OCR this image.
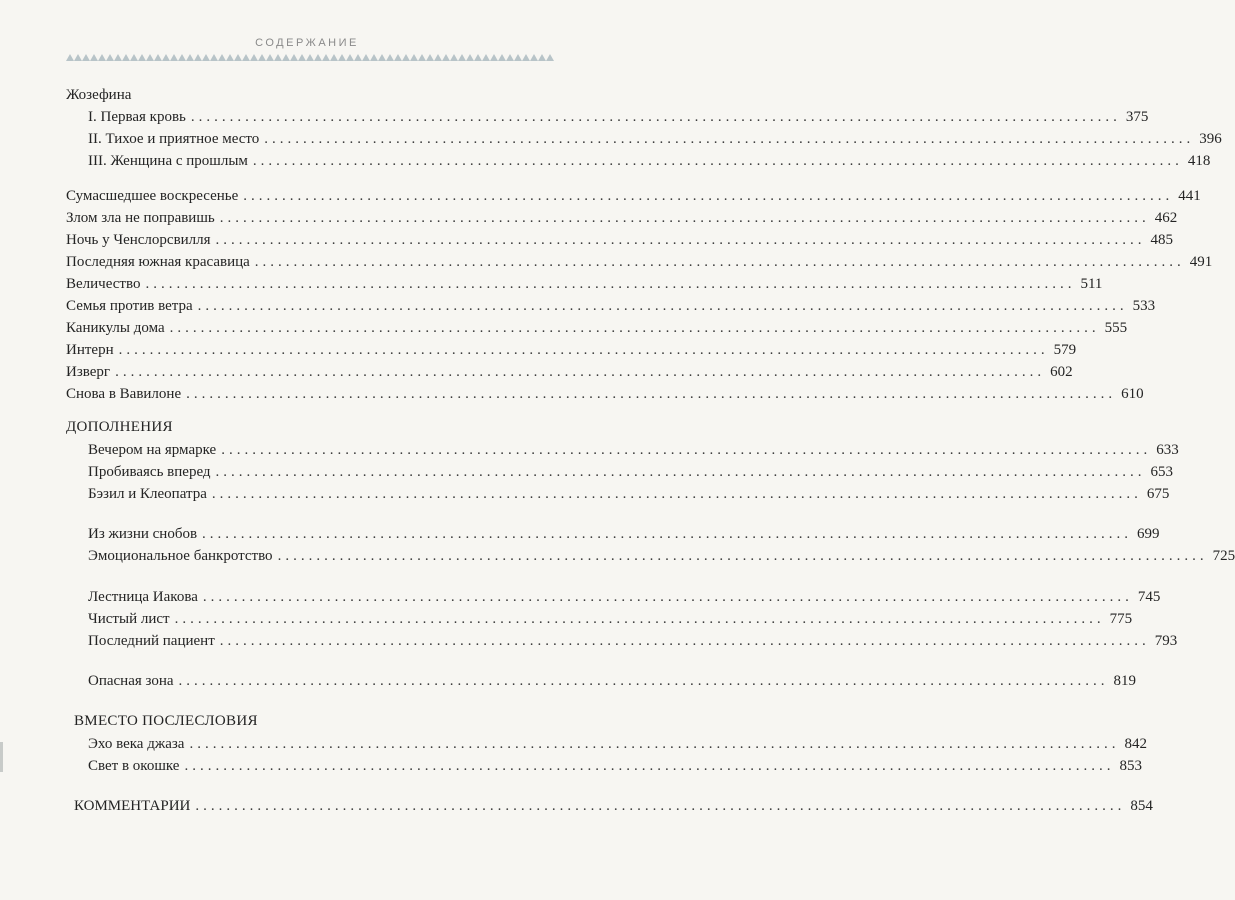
СОДЕРЖАНИЕ
Жозефина
I. Первая кровь ........................................................................................................................ 375
II. Тихое и приятное место ........................................................................................................................ 396
III. Женщина с прошлым ........................................................................................................................ 418
Сумасшедшее воскресенье ........................................................................................................................ 441
Злом зла не поправишь ........................................................................................................................ 462
Ночь у Ченслорсвилля ........................................................................................................................ 485
Последняя южная красавица ........................................................................................................................ 491
Величество ........................................................................................................................ 511
Семья против ветра ........................................................................................................................ 533
Каникулы дома ........................................................................................................................ 555
Интерн ........................................................................................................................ 579
Изверг ........................................................................................................................ 602
Снова в Вавилоне ........................................................................................................................ 610
ДОПОЛНЕНИЯ
Вечером на ярмарке ........................................................................................................................ 633
Пробиваясь вперед ........................................................................................................................ 653
Бэзил и Клеопатра ........................................................................................................................ 675
Из жизни снобов ........................................................................................................................ 699
Эмоциональное банкротство ........................................................................................................................ 725
Лестница Иакова ........................................................................................................................ 745
Чистый лист ........................................................................................................................ 775
Последний пациент ........................................................................................................................ 793
Опасная зона ........................................................................................................................ 819
ВМЕСТО ПОСЛЕСЛОВИЯ
Эхо века джаза ........................................................................................................................ 842
Свет в окошке ........................................................................................................................ 853
КОММЕНТАРИИ ........................................................................................................................ 854
